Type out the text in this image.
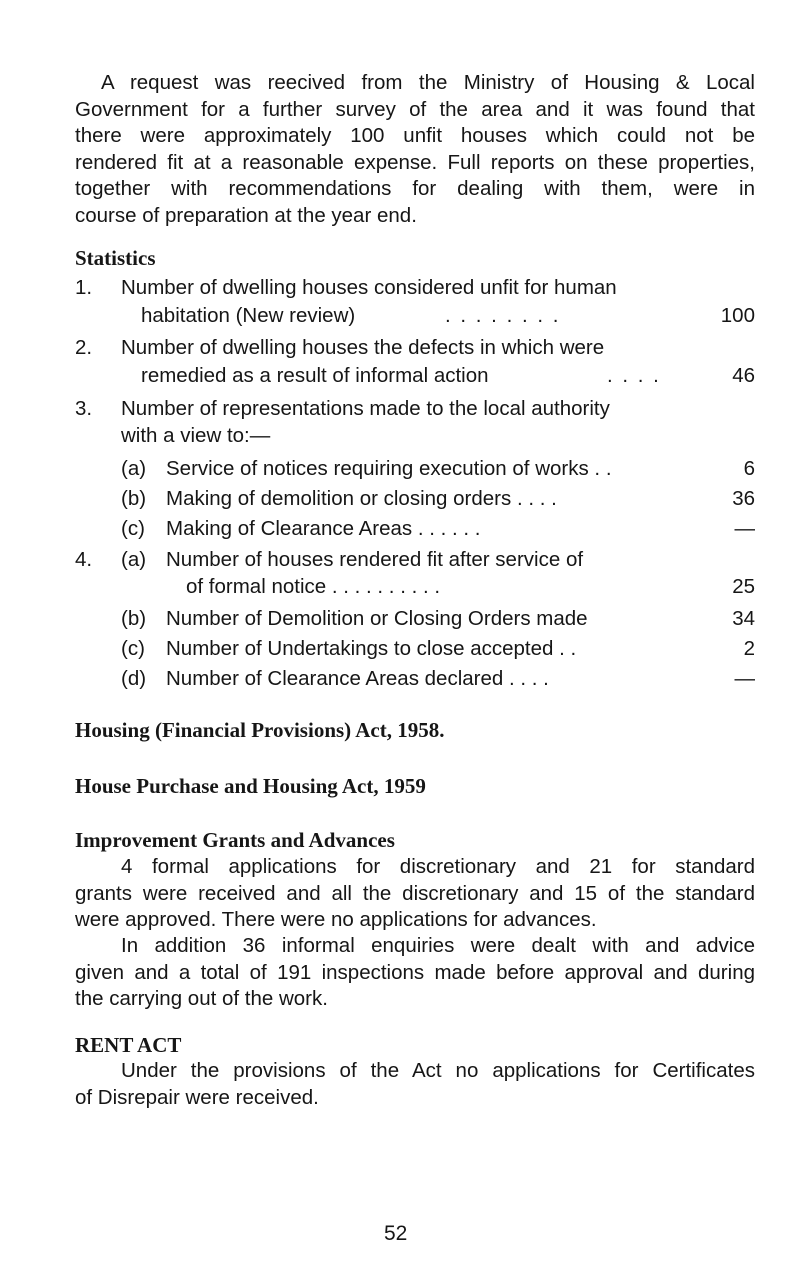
A request was reecived from the Ministry of Housing & Local
Government for a further survey of the area and it was found that
there were approximately 100 unfit houses which could not be
rendered fit at a reasonable expense. Full reports on these properties,
together with recommendations for dealing with them, were in
course of preparation at the year end.
Statistics
1. Number of dwelling houses considered unfit for human
habitation (New review)	. . . . . . . .	100
2. Number of dwelling houses the defects in which were
remedied as a result of informal action	. . . .	46
3. Number of representations made to the local authority
with a view to:—
(a) Service of notices requiring execution of works . .	6
(b) Making of demolition or closing orders . . . .	36
(c)	Making of Clearance Areas . . . . . .	—
4. (a) Number of houses rendered fit after service of
of formal notice . . . . . . . . . .	25
(b) Number of Demolition or Closing Orders made	34
(c)	Number of Undertakings to close accepted . .	2
(d) Number of Clearance Areas declared . . . .	—
Housing (Financial Provisions) Act, 1958.
House Purchase and Housing Act, 1959
Improvement Grants and Advances
4 formal applications for discretionary and 21 for standard
grants were received and all the discretionary and 15 of the standard
were approved. There were no applications for advances.
In addition 36 informal enquiries were dealt with and advice
given and a total of 191 inspections made before approval and during
the carrying out of the work.
RENT ACT
Under the provisions of the Act no applications for Certificates
of Disrepair were received.
52
